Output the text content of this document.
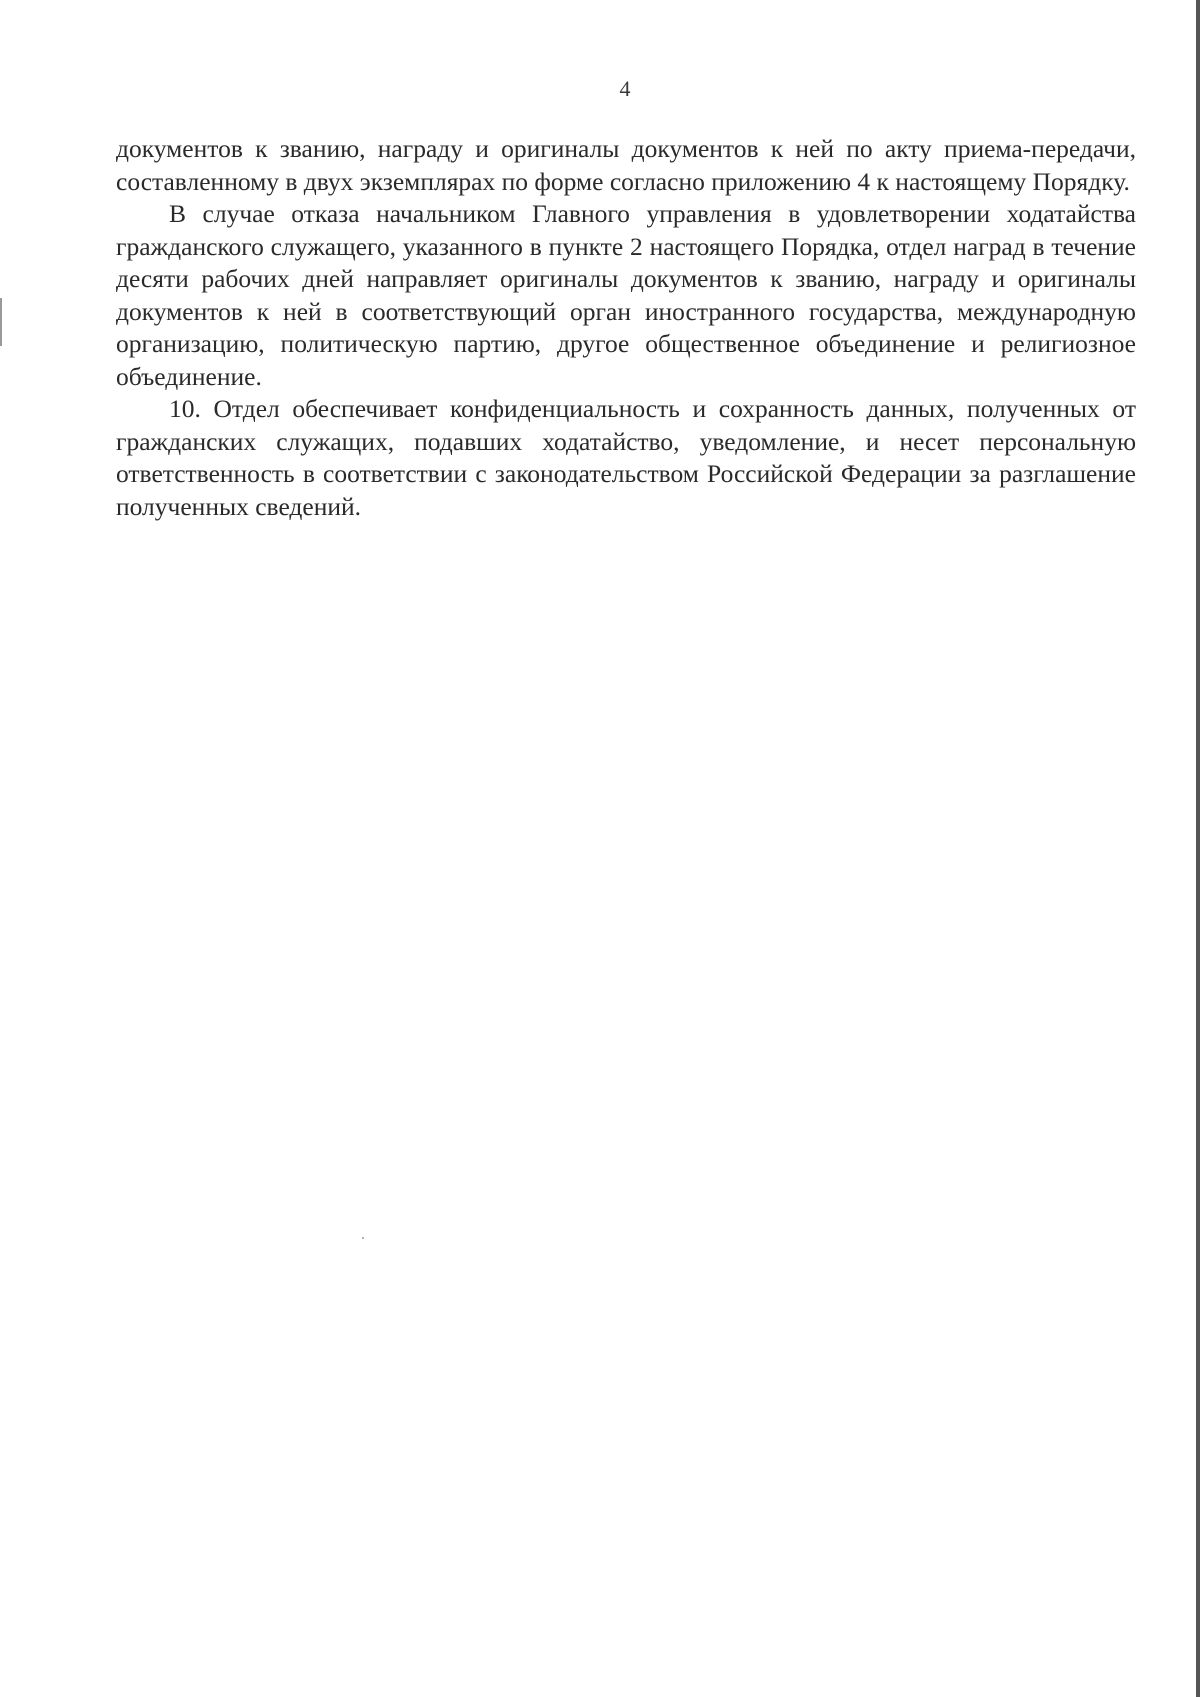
4

документов к званию, награду и оригиналы документов к ней по акту приема-передачи, составленному в двух экземплярах по форме согласно приложению 4 к настоящему Порядку.

В случае отказа начальником Главного управления в удовлетворении ходатайства гражданского служащего, указанного в пункте 2 настоящего Порядка, отдел наград в течение десяти рабочих дней направляет оригиналы документов к званию, награду и оригиналы документов к ней в соответствующий орган иностранного государства, международную организацию, политическую партию, другое общественное объединение и религиозное объединение.

10. Отдел обеспечивает конфиденциальность и сохранность данных, полученных от гражданских служащих, подавших ходатайство, уведомление, и несет персональную ответственность в соответствии с законодательством Российской Федерации за разглашение полученных сведений.
